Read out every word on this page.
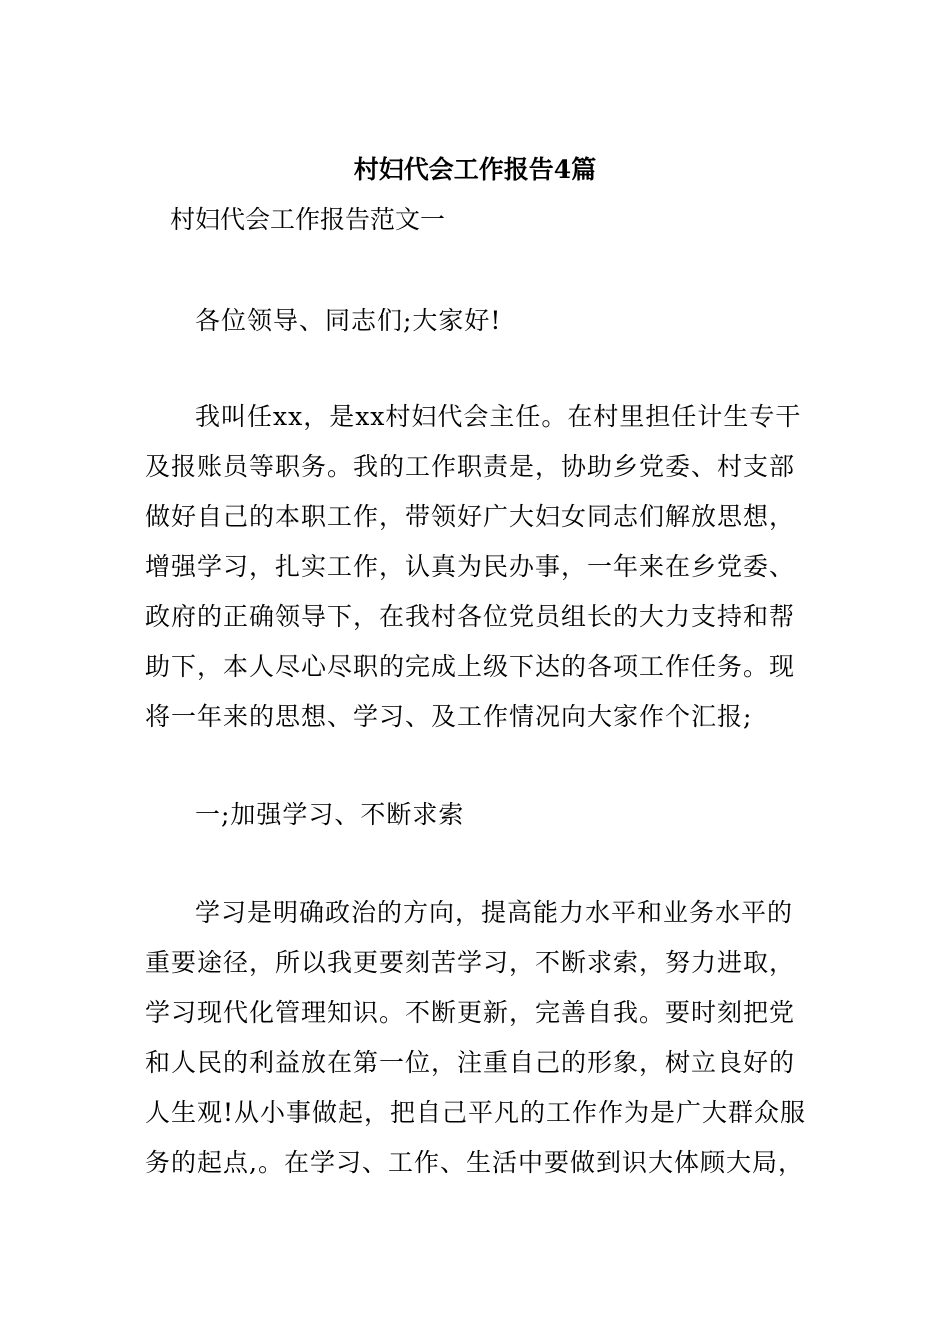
村妇代会工作报告4篇

村妇代会工作报告范文一

各位领导、同志们;大家好!

我叫任xx，是xx村妇代会主任。在村里担任计生专干
及报账员等职务。我的工作职责是，协助乡党委、村支部
做好自己的本职工作，带领好广大妇女同志们解放思想，
增强学习，扎实工作，认真为民办事，一年来在乡党委、
政府的正确领导下，在我村各位党员组长的大力支持和帮
助下，本人尽心尽职的完成上级下达的各项工作任务。现
将一年来的思想、学习、及工作情况向大家作个汇报;

一;加强学习、不断求索

学习是明确政治的方向，提高能力水平和业务水平的
重要途径，所以我更要刻苦学习，不断求索，努力进取，
学习现代化管理知识。不断更新，完善自我。要时刻把党
和人民的利益放在第一位，注重自己的形象，树立良好的
人生观!从小事做起，把自己平凡的工作作为是广大群众服
务的起点,。在学习、工作、生活中要做到识大体顾大局，
